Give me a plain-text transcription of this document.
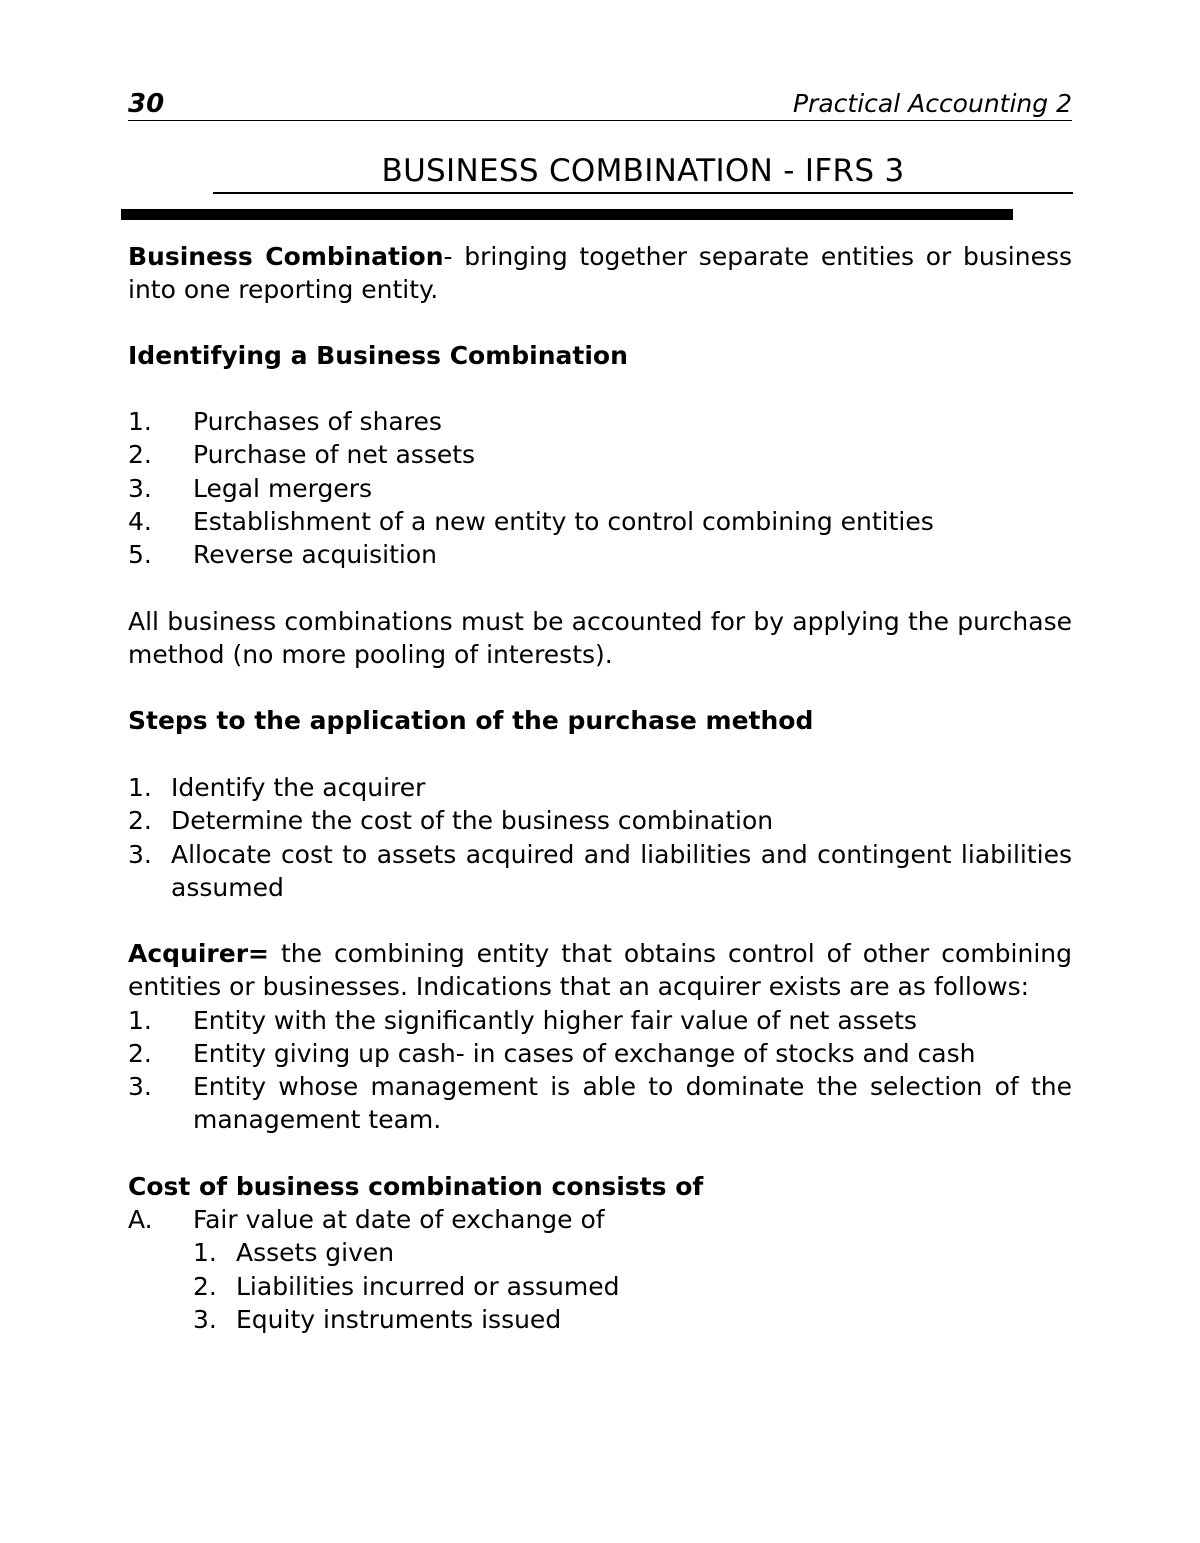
30	Practical Accounting 2
BUSINESS COMBINATION - IFRS 3
Business Combination- bringing together separate entities or business into one reporting entity.
Identifying a Business Combination
1. Purchases of shares
2. Purchase of net assets
3. Legal mergers
4. Establishment of a new entity to control combining entities
5. Reverse acquisition
All business combinations must be accounted for by applying the purchase method (no more pooling of interests).
Steps to the application of the purchase method
1. Identify the acquirer
2. Determine the cost of the business combination
3. Allocate cost to assets acquired and liabilities and contingent liabilities assumed
Acquirer= the combining entity that obtains control of other combining entities or businesses. Indications that an acquirer exists are as follows:
1. Entity with the significantly higher fair value of net assets
2. Entity giving up cash- in cases of exchange of stocks and cash
3. Entity whose management is able to dominate the selection of the management team.
Cost of business combination consists of
A. Fair value at date of exchange of
1. Assets given
2. Liabilities incurred or assumed
3. Equity instruments issued
